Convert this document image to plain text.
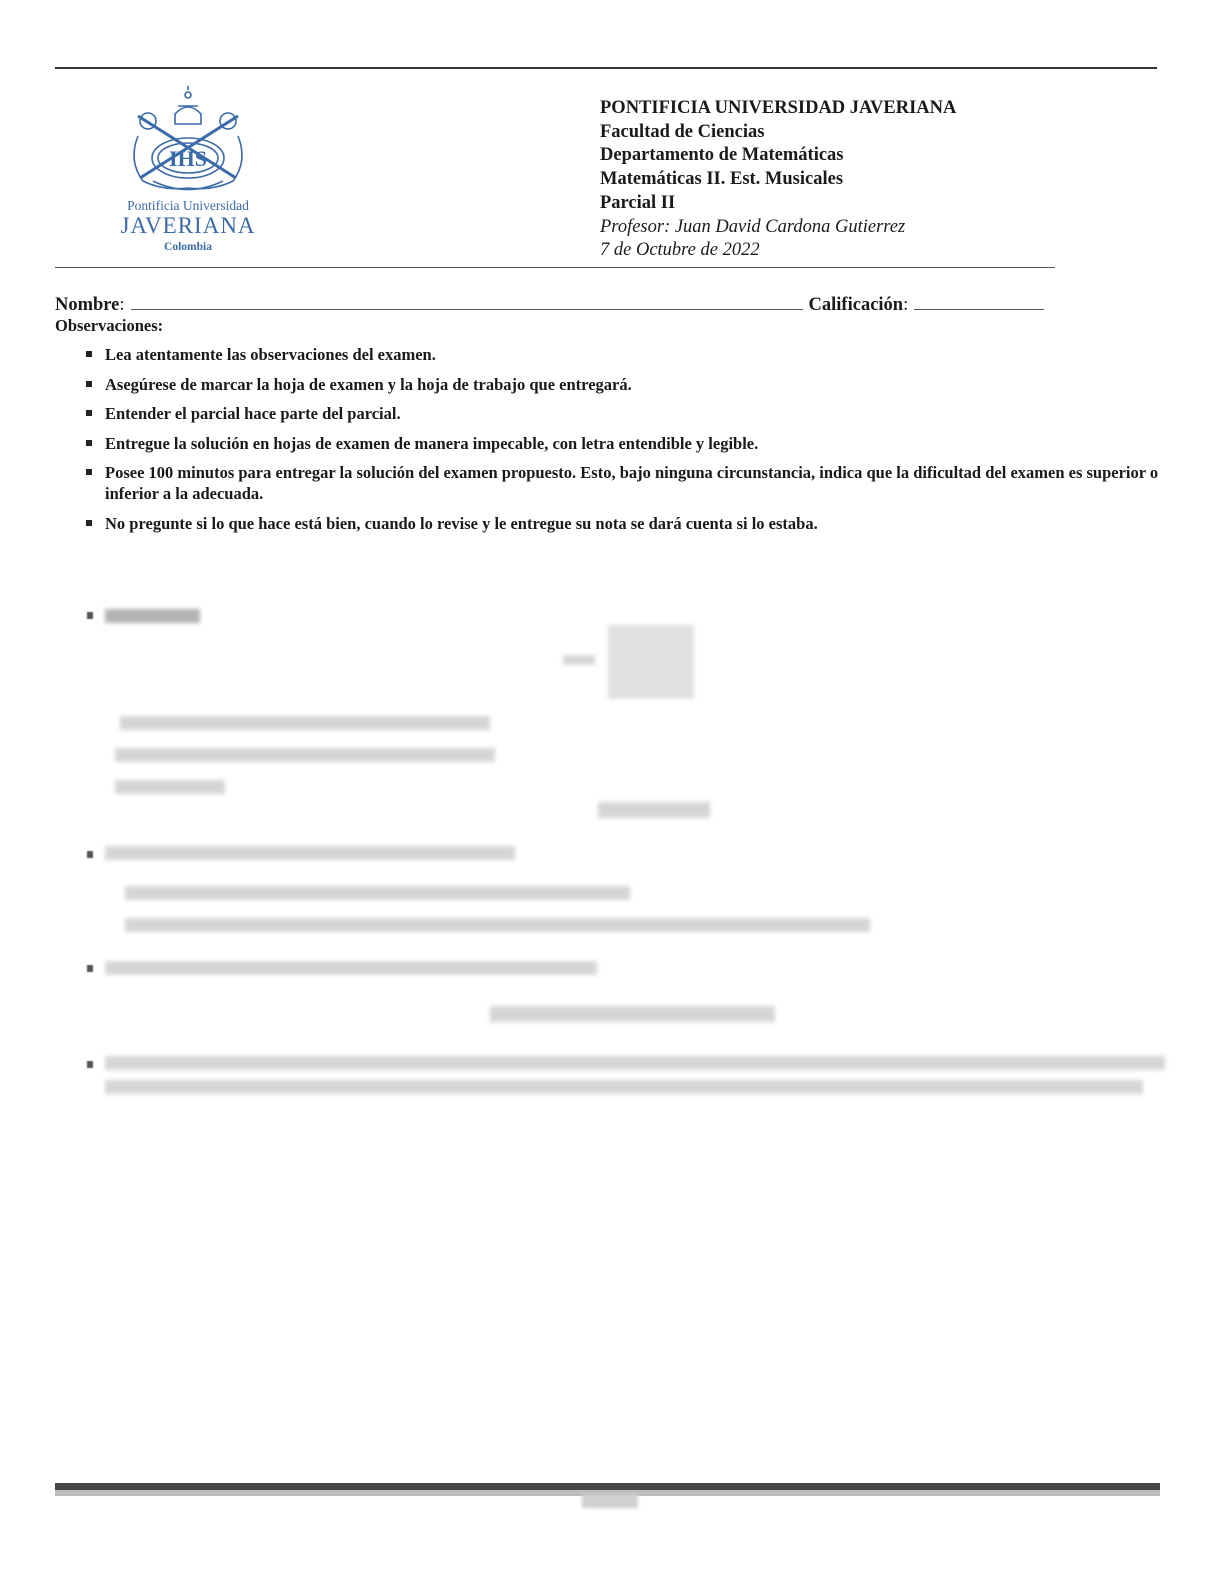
IHS
Pontificia Universidad
JAVERIANA
Colombia
PONTIFICIA UNIVERSIDAD JAVERIANA
Facultad de Ciencias
Departamento de Matemáticas
Matemáticas II. Est. Musicales
Parcial II
Profesor: Juan David Cardona Gutierrez
7 de Octubre de 2022
Nombre :	Calificación :
Observaciones:
Lea atentamente las observaciones del examen.
Asegúrese de marcar la hoja de examen y la hoja de trabajo que entregará.
Entender el parcial hace parte del parcial.
Entregue la solución en hojas de examen de manera impecable, con letra entendible y legible.
Posee 100 minutos para entregar la solución del examen propuesto. Esto, bajo ninguna circunstancia, indica que la dificultad del examen es superior o inferior a la adecuada.
No pregunte si lo que hace está bien, cuando lo revise y le entregue su nota se dará cuenta si lo estaba.
